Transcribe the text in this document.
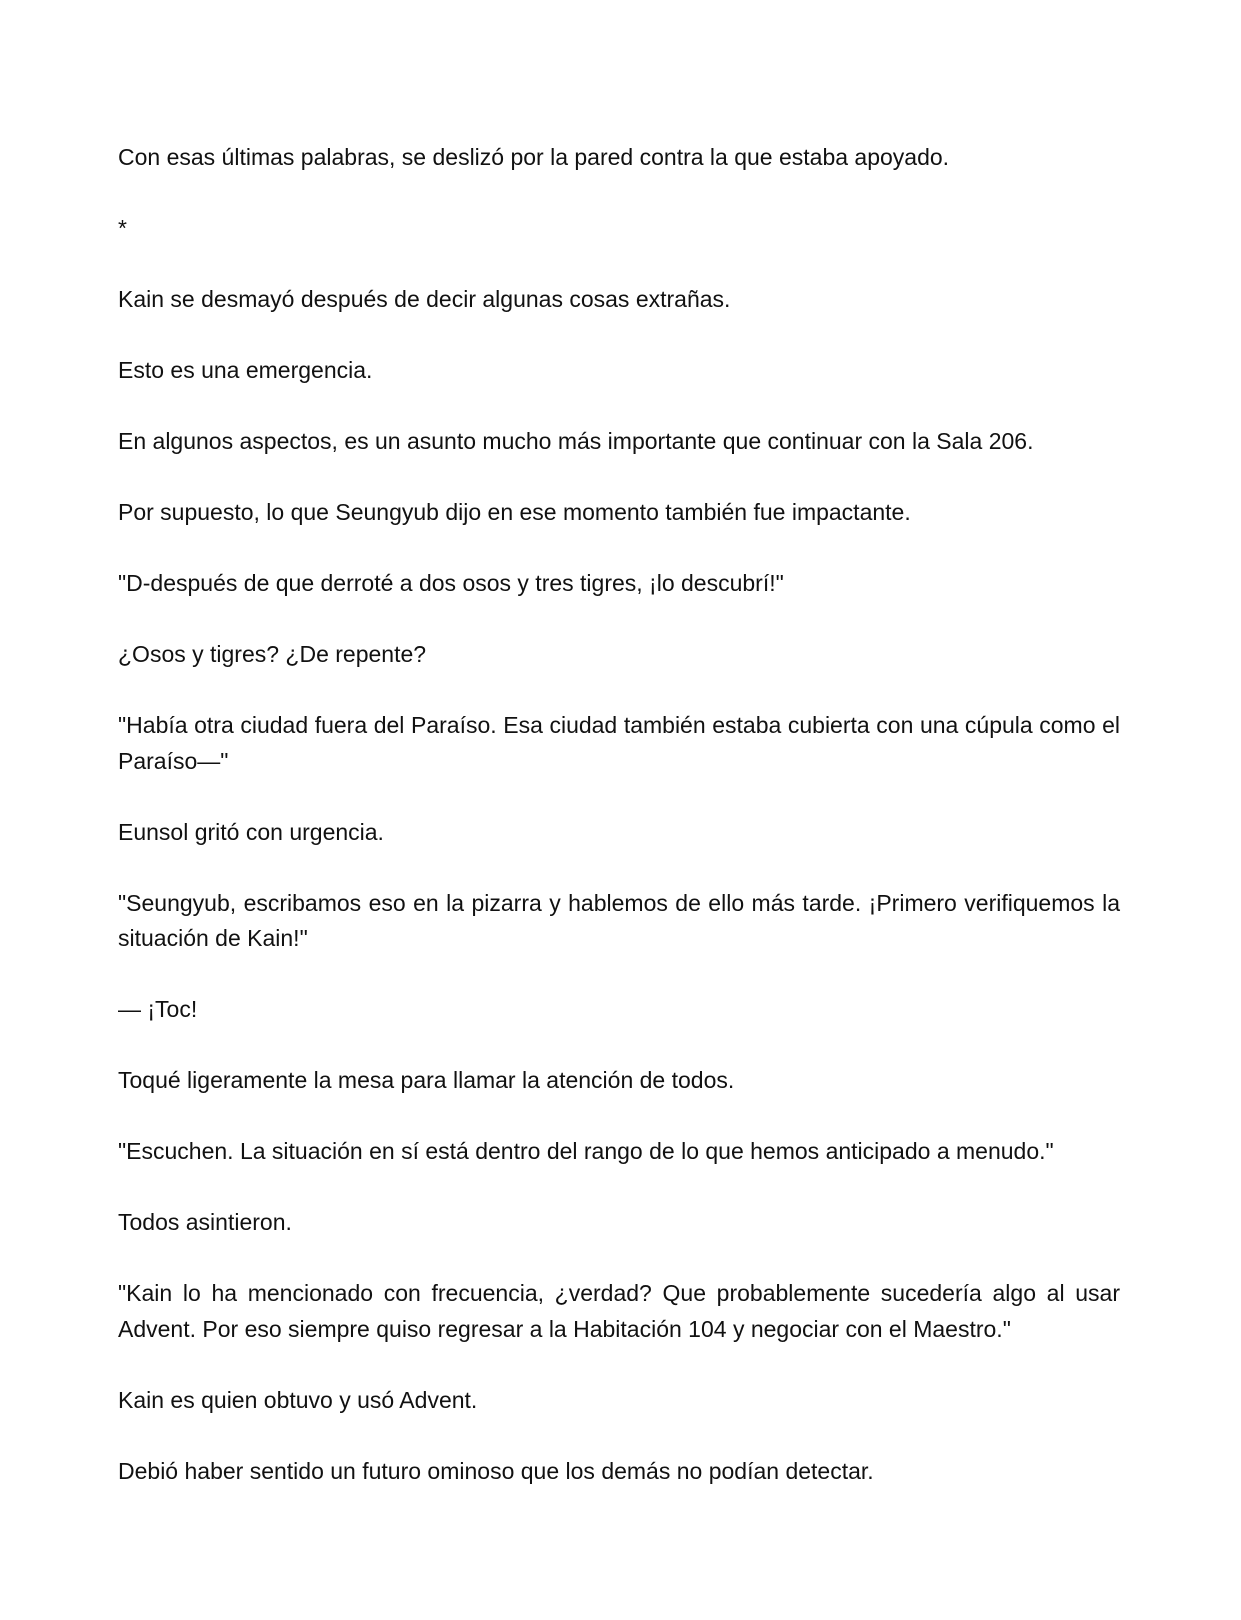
Con esas últimas palabras, se deslizó por la pared contra la que estaba apoyado.

*

Kain se desmayó después de decir algunas cosas extrañas.

Esto es una emergencia.

En algunos aspectos, es un asunto mucho más importante que continuar con la Sala 206.

Por supuesto, lo que Seungyub dijo en ese momento también fue impactante.

"D-después de que derroté a dos osos y tres tigres, ¡lo descubrí!"

¿Osos y tigres? ¿De repente?

"Había otra ciudad fuera del Paraíso. Esa ciudad también estaba cubierta con una cúpula como el Paraíso—"

Eunsol gritó con urgencia.

"Seungyub, escribamos eso en la pizarra y hablemos de ello más tarde. ¡Primero verifiquemos la situación de Kain!"

— ¡Toc!

Toqué ligeramente la mesa para llamar la atención de todos.

"Escuchen. La situación en sí está dentro del rango de lo que hemos anticipado a menudo."

Todos asintieron.

"Kain lo ha mencionado con frecuencia, ¿verdad? Que probablemente sucedería algo al usar Advent. Por eso siempre quiso regresar a la Habitación 104 y negociar con el Maestro."

Kain es quien obtuvo y usó Advent.

Debió haber sentido un futuro ominoso que los demás no podían detectar.
